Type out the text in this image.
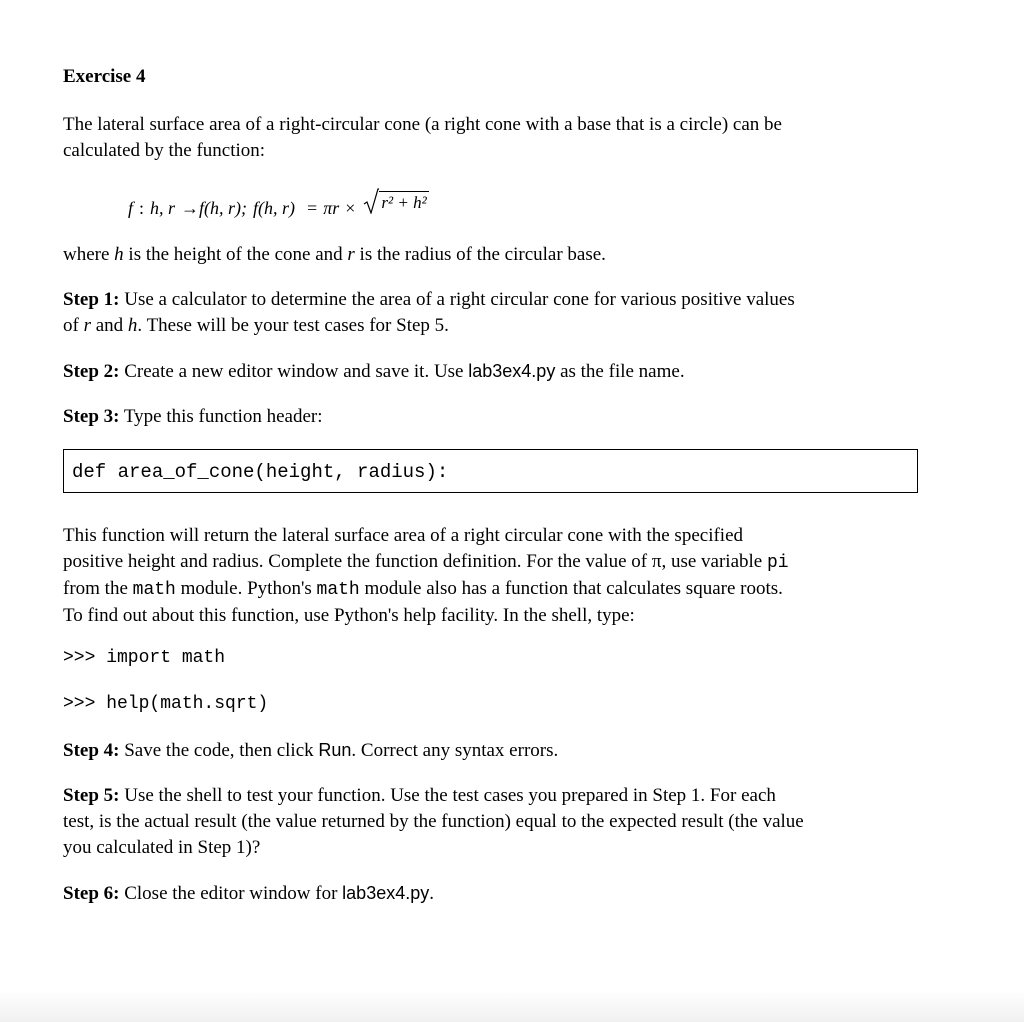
Exercise 4

The lateral surface area of a right-circular cone (a right cone with a base that is a circle) can be
calculated by the function:

f : h, r → f(h, r); f(h, r) = πr × r² + h²

where h is the height of the cone and r is the radius of the circular base.

Step 1: Use a calculator to determine the area of a right circular cone for various positive values
of r and h. These will be your test cases for Step 5.

Step 2: Create a new editor window and save it. Use lab3ex4.py as the file name.

Step 3: Type this function header:

def area_of_cone(height, radius):

This function will return the lateral surface area of a right circular cone with the specified
positive height and radius. Complete the function definition. For the value of π, use variable pi
from the math module. Python's math module also has a function that calculates square roots.
To find out about this function, use Python's help facility. In the shell, type:

>>> import math
>>> help(math.sqrt)

Step 4: Save the code, then click Run. Correct any syntax errors.

Step 5: Use the shell to test your function. Use the test cases you prepared in Step 1. For each
test, is the actual result (the value returned by the function) equal to the expected result (the value
you calculated in Step 1)?

Step 6: Close the editor window for lab3ex4.py.
